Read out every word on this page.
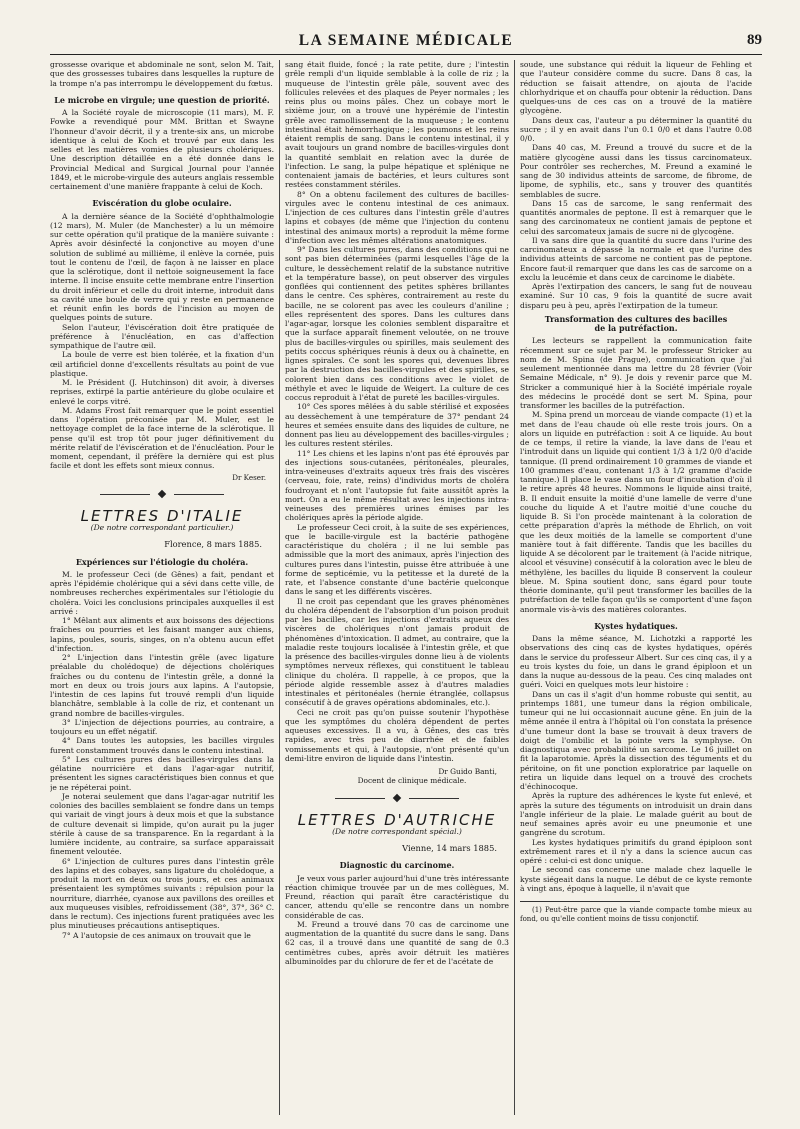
LA SEMAINE MÉDICALE	89

grossesse ovarique et abdominale ne sont, selon M. Tait, que des grossesses tubaires dans lesquelles la rupture de la trompe n'a pas interrompu le développement du fœtus.

Le microbe en virgule; une question de priorité.

A la Société royale de microscopie (11 mars), M. F. Fowke a revendiqué pour MM. Brittan et Swayne l'honneur d'avoir décrit, il y a trente-six ans, un microbe identique à celui de Koch et trouvé par eux dans les selles et les matières vomies de plusieurs cholériques. Une description détaillée en a été donnée dans le Provincial Medical and Surgical Journal pour l'année 1849, et le microbe-virgule des auteurs anglais ressemble certainement d'une manière frappante à celui de Koch.

Eviscération du globe oculaire.

A la dernière séance de la Société d'ophthalmologie (12 mars), M. Muler (de Manchester) a lu un mémoire sur cette opération qu'il pratique de la manière suivante : Après avoir désinfecté la conjonctive au moyen d'une solution de sublimé au millième, il enlève la cornée, puis tout le contenu de l'œil, de façon à ne laisser en place que la sclérotique, dont il nettoie soigneusement la face interne. Il incise ensuite cette membrane entre l'insertion du droit inférieur et celle du droit interne, introduit dans sa cavité une boule de verre qui y reste en permanence et réunit enfin les bords de l'incision au moyen de quelques points de suture.

Selon l'auteur, l'éviscération doit être pratiquée de préférence à l'énucléation, en cas d'affection sympathique de l'autre œil.

La boule de verre est bien tolérée, et la fixation d'un œil artificiel donne d'excellents résultats au point de vue plastique.

M. le Président (J. Hutchinson) dit avoir, à diverses reprises, extirpé la partie antérieure du globe oculaire et enlevé le corps vitré.

M. Adams Frost fait remarquer que le point essentiel dans l'opération préconisée par M. Muler, est le nettoyage complet de la face interne de la sclérotique. Il pense qu'il est trop tôt pour juger définitivement du mérite relatif de l'éviscération et de l'énucléation. Pour le moment, cependant, il préfère la dernière qui est plus facile et dont les effets sont mieux connus.

Dr Keser.
LETTRES D'ITALIE
(De notre correspondant particulier.)
Florence, 8 mars 1885.
Expériences sur l'étiologie du choléra.

M. le professeur Ceci (de Gênes) a fait, pendant et après l'épidémie cholérique qui a sévi dans cette ville, de nombreuses recherches expérimentales sur l'étiologie du choléra. Voici les conclusions principales auxquelles il est arrivé :

1° Mêlant aux aliments et aux boissons des déjections fraîches ou pourries et les faisant manger aux chiens, lapins, poules, souris, singes, on n'a obtenu aucun effet d'infection.

2° L'injection dans l'intestin grêle (avec ligature préalable du cholédoque) de déjections cholériques fraîches ou du contenu de l'intestin grêle, a donné la mort en deux ou trois jours aux lapins. A l'autopsie, l'intestin de ces lapins fut trouvé rempli d'un liquide blanchâtre, semblable à la colle de riz, et contenant un grand nombre de bacilles-virgules.

3° L'injection de déjections pourries, au contraire, a toujours eu un effet négatif.

4° Dans toutes les autopsies, les bacilles virgules furent constamment trouvés dans le contenu intestinal.

5° Les cultures pures des bacilles-virgules dans la gélatine nourricière et dans l'agar-agar nutritif, présentent les signes caractéristiques bien connus et que je ne répéterai point.

Je noterai seulement que dans l'agar-agar nutritif les colonies des bacilles semblaient se fondre dans un temps qui variait de vingt jours à deux mois et que la substance de culture devenait si limpide, qu'on aurait pu la juger stérile à cause de sa transparence. En la regardant à la lumière incidente, au contraire, sa surface apparaissait finement veloutée.

6° L'injection de cultures pures dans l'intestin grêle des lapins et des cobayes, sans ligature du cholédoque, a produit la mort en deux ou trois jours, et ces animaux présentaient les symptômes suivants : répulsion pour la nourriture, diarrhée, cyanose aux pavillons des oreilles et aux muqueuses visibles, refroidissement (38°, 37°, 36° C. dans le rectum). Ces injections furent pratiquées avec les plus minutieuses précautions antiseptiques.

7° A l'autopsie de ces animaux on trouvait que le

sang était fluide, foncé ; la rate petite, dure ; l'intestin grêle rempli d'un liquide semblable à la colle de riz ; la muqueuse de l'intestin grêle pâle, souvent avec des follicules relevées et des plaques de Peyer normales ; les reins plus ou moins pâles. Chez un cobaye mort le sixième jour, on a trouvé une hypérémie de l'intestin grêle avec ramollissement de la muqueuse ; le contenu intestinal était hémorrhagique ; les poumons et les reins étaient remplis de sang. Dans le contenu intestinal, il y avait toujours un grand nombre de bacilles-virgules dont la quantité semblait en relation avec la durée de l'infection. Le sang, la pulpe hépatique et splénique ne contenaient jamais de bactéries, et leurs cultures sont restées constamment stériles.

8° On a obtenu facilement des cultures de bacilles-virgules avec le contenu intestinal de ces animaux. L'injection de ces cultures dans l'intestin grêle d'autres lapins et cobayes (de même que l'injection du contenu intestinal des animaux morts) a reproduit la même forme d'infection avec les mêmes altérations anatomiques.

9° Dans les cultures pures, dans des conditions qui ne sont pas bien déterminées (parmi lesquelles l'âge de la culture, le dessèchement relatif de la substance nutritive et la température basse), on peut observer des virgules gonflées qui contiennent des petites sphères brillantes dans le centre. Ces sphères, contrairement au reste du bacille, ne se colorent pas avec les couleurs d'aniline ; elles représentent des spores. Dans les cultures dans l'agar-agar, lorsque les colonies semblent disparaître et que la surface apparaît finement veloutée, on ne trouve plus de bacilles-virgules ou spirilles, mais seulement des petits coccus sphériques réunis à deux ou à chaînette, en lignes spirales. Ce sont les spores qui, devenues libres par la destruction des bacilles-virgules et des spirilles, se colorent bien dans ces conditions avec le violet de méthyle et avec le liquide de Weigert. La culture de ces coccus reproduit à l'état de pureté les bacilles-virgules.

10° Ces spores mêlées à du sable stérilisé et exposées au dessèchement à une température de 37° pendant 24 heures et semées ensuite dans des liquides de culture, ne donnent pas lieu au développement des bacilles-virgules ; les cultures restent stériles.

11° Les chiens et les lapins n'ont pas été éprouvés par des injections sous-cutanées, péritonéales, pleurales, intra-veineuses d'extraits aqueux très frais des viscères (cerveau, foie, rate, reins) d'individus morts de choléra foudroyant et n'ont l'autopsie fut faite aussitôt après la mort. On a eu le même résultat avec les injections intra-veineuses des premières urines émises par les cholériques après la période algide.

Le professeur Ceci croit, à la suite de ses expériences, que le bacille-virgule est la bactérie pathogène caractéristique du choléra ; il ne lui semble pas admissible que la mort des animaux, après l'injection des cultures pures dans l'intestin, puisse être attribuée à une forme de septicémie, vu la petitesse et la dureté de la rate, et l'absence constante d'une bactérie quelconque dans le sang et les différents viscères.

Il ne croit pas cependant que les graves phénomènes du choléra dépendent de l'absorption d'un poison produit par les bacilles, car les injections d'extraits aqueux des viscères de cholériques n'ont jamais produit de phénomènes d'intoxication. Il admet, au contraire, que la maladie reste toujours localisée à l'intestin grêle, et que la présence des bacilles-virgules donne lieu à de violents symptômes nerveux réflexes, qui constituent le tableau clinique du choléra. Il rappelle, à ce propos, que la période algide ressemble assez à d'autres maladies intestinales et péritonéales (hernie étranglée, collapsus consécutif à de graves opérations abdominales, etc.).

Ceci ne croit pas qu'on puisse soutenir l'hypothèse que les symptômes du choléra dépendent de pertes aqueuses excessives. Il a vu, à Gênes, des cas très rapides, avec très peu de diarrhée et de faibles vomissements et qui, à l'autopsie, n'ont présenté qu'un demi-litre environ de liquide dans l'intestin.

Dr Guido Banti,
Docent de clinique médicale.
LETTRES D'AUTRICHE
(De notre correspondant spécial.)
Vienne, 14 mars 1885.
Diagnostic du carcinome.

Je veux vous parler aujourd'hui d'une très intéressante réaction chimique trouvée par un de mes collègues, M. Freund, réaction qui paraît être caractéristique du cancer, attendu qu'elle se rencontre dans un nombre considérable de cas.

M. Freund a trouvé dans 70 cas de carcinome une augmentation de la quantité du sucre dans le sang. Dans 62 cas, il a trouvé dans une quantité de sang de 0.3 centimètres cubes, après avoir détruit les matières albuminoïdes par du chlorure de fer et de l'acétate de

soude, une substance qui réduit la liqueur de Fehling et que l'auteur considère comme du sucre. Dans 8 cas, la réduction se faisait attendre, on ajouta de l'acide chlorhydrique et on chauffa pour obtenir la réduction. Dans quelques-uns de ces cas on a trouvé de la matière glycogène.

Dans deux cas, l'auteur a pu déterminer la quantité du sucre ; il y en avait dans l'un 0.1 0/0 et dans l'autre 0.08 0/0.

Dans 40 cas, M. Freund a trouvé du sucre et de la matière glycogène aussi dans les tissus carcinomateux. Pour contrôler ses recherches, M. Freund a examiné le sang de 30 individus atteints de sarcome, de fibrome, de lipome, de syphilis, etc., sans y trouver des quantités semblables de sucre.

Dans 15 cas de sarcome, le sang renfermait des quantités anormales de peptone. Il est à remarquer que le sang des carcinomateux ne contient jamais de peptone et celui des sarcomateux jamais de sucre ni de glycogène.

Il va sans dire que la quantité du sucre dans l'urine des carcinomateux a dépassé la normale et que l'urine des individus atteints de sarcome ne contient pas de peptone. Encore faut-il remarquer que dans les cas de sarcome on a exclu la leucémie et dans ceux de carcinome le diabète.

Après l'extirpation des cancers, le sang fut de nouveau examiné. Sur 10 cas, 9 fois la quantité de sucre avait disparu peu à peu, après l'extirpation de la tumeur.

Transformation des cultures des bacilles
de la putréfaction.

Les lecteurs se rappellent la communication faite récemment sur ce sujet par M. le professeur Stricker au nom de M. Spina (de Prague), communication que j'ai seulement mentionnée dans ma lettre du 28 février (Voir Semaine Médicale, n° 9). Je dois y revenir parce que M. Stricker a communiqué hier à la Société impériale royale des médecins le procédé dont se sert M. Spina, pour transformer les bacilles de la putréfaction.

M. Spina prend un morceau de viande compacte (1) et la met dans de l'eau chaude où elle reste trois jours. On a alors un liquide en putréfaction : soit A ce liquide. Au bout de ce temps, il retire la viande, la lave dans de l'eau et l'introduit dans un liquide qui contient 1/3 à 1/2 0/0 d'acide tannique. (Il prend ordinairement 10 grammes de viande et 100 grammes d'eau, contenant 1/3 à 1/2 gramme d'acide tannique.) Il place le vase dans un four d'incubation d'où il le retire après 48 heures. Nommons le liquide ainsi traité, B. Il enduit ensuite la moitié d'une lamelle de verre d'une couche du liquide A et l'autre moitié d'une couche du liquide B. Si l'on procède maintenant à la coloration de cette préparation d'après la méthode de Ehrlich, on voit que les deux moitiés de la lamelle se comportent d'une manière tout à fait différente. Tandis que les bacilles du liquide A se décolorent par le traitement (à l'acide nitrique, alcool et vésuvine) consécutif à la coloration avec le bleu de méthylène, les bacilles du liquide B conservent la couleur bleue. M. Spina soutient donc, sans égard pour toute théorie dominante, qu'il peut transformer les bacilles de la putréfaction de telle façon qu'ils se comportent d'une façon anormale vis-à-vis des matières colorantes.

Kystes hydatiques.

Dans la même séance, M. Lichotzki a rapporté les observations des cinq cas de kystes hydatiques, opérés dans le service du professeur Albert. Sur ces cinq cas, il y a eu trois kystes du foie, un dans le grand épiploon et un dans la nuque au-dessous de la peau. Ces cinq malades ont guéri. Voici en quelques mots leur histoire :

Dans un cas il s'agit d'un homme robuste qui sentit, au printemps 1881, une tumeur dans la région ombilicale, tumeur qui ne lui occasionnait aucune gêne. En juin de la même année il entra à l'hôpital où l'on constata la présence d'une tumeur dont la base se trouvait à deux travers de doigt de l'ombilic et la pointe vers la symphyse. On diagnostiqua avec probabilité un sarcome. Le 16 juillet on fit la laparotomie. Après la dissection des téguments et du péritoine, on fit une ponction exploratrice par laquelle on retira un liquide dans lequel on a trouvé des crochets d'échinocoque.

Après la rupture des adhérences le kyste fut enlevé, et après la suture des téguments on introduisit un drain dans l'angle inférieur de la plaie. Le malade guérit au bout de neuf semaines après avoir eu une pneumonie et une gangrène du scrotum.

Les kystes hydatiques primitifs du grand épiploon sont extrêmement rares et il n'y a dans la science aucun cas opéré : celui-ci est donc unique.

Le second cas concerne une malade chez laquelle le kyste siégeait dans la nuque. Le début de ce kyste remonte à vingt ans, époque à laquelle, il n'avait que

(1) Peut-être parce que la viande compacte tombe mieux au fond, ou qu'elle contient moins de tissu conjonctif.
